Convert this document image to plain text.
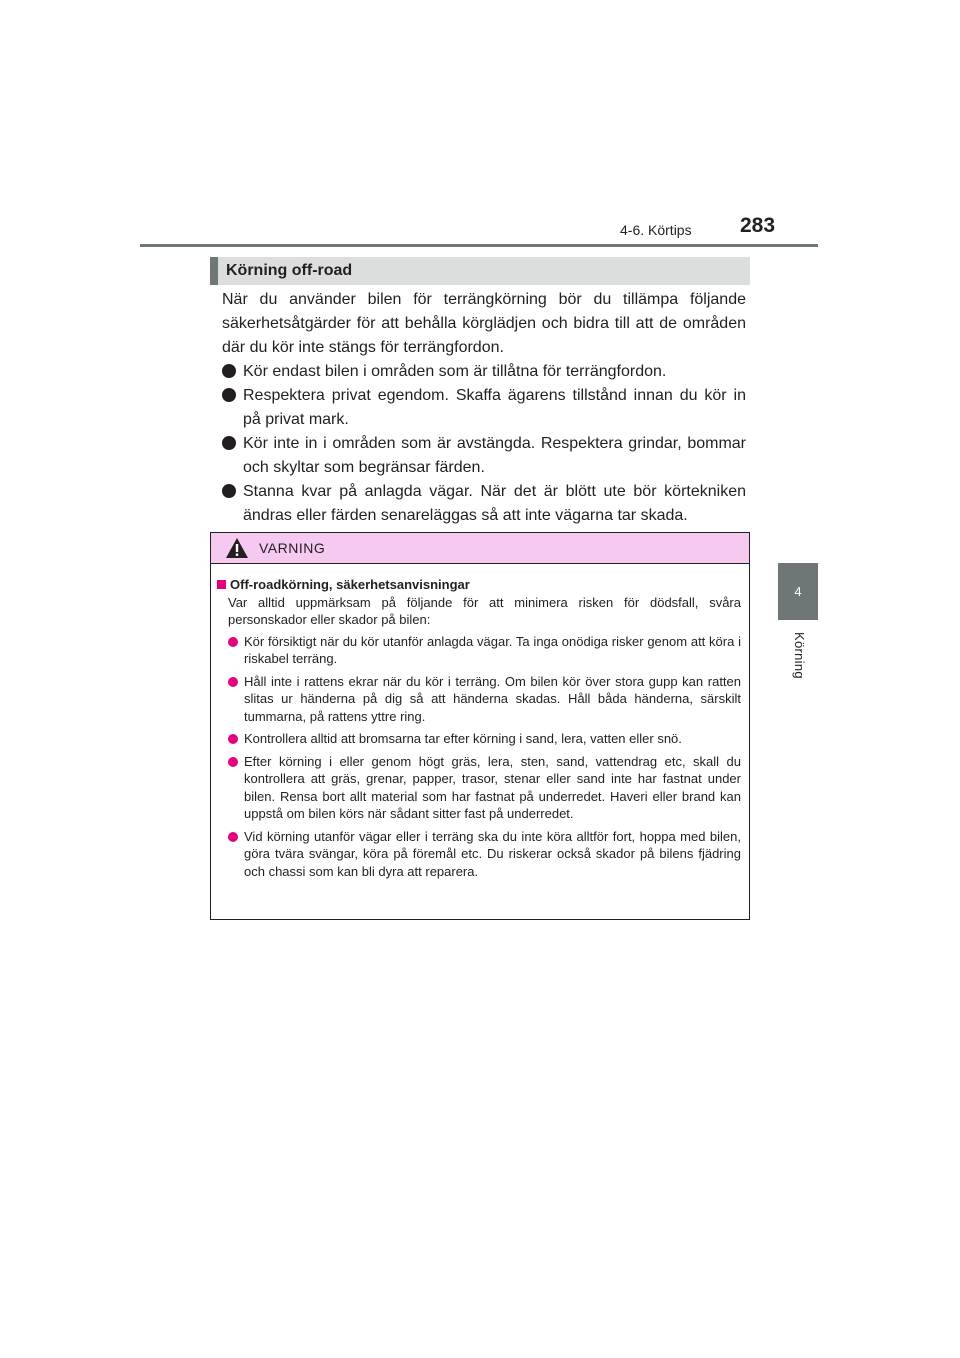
4-6. Körtips 283
4
Körning
Körning off-road

När du använder bilen för terrängkörning bör du tillämpa följande säkerhetsåtgärder för att behålla körglädjen och bidra till att de områden där du kör inte stängs för terrängfordon.

Kör endast bilen i områden som är tillåtna för terrängfordon.
Respektera privat egendom. Skaffa ägarens tillstånd innan du kör in på privat mark.
Kör inte in i områden som är avstängda. Respektera grindar, bommar och skyltar som begränsar färden.
Stanna kvar på anlagda vägar. När det är blött ute bör körtekniken ändras eller färden senareläggas så att inte vägarna tar skada.
VARNING
Off-roadkörning, säkerhetsanvisningar

Var alltid uppmärksam på följande för att minimera risken för dödsfall, svåra personskador eller skador på bilen:

Kör försiktigt när du kör utanför anlagda vägar. Ta inga onödiga risker genom att köra i riskabel terräng.
Håll inte i rattens ekrar när du kör i terräng. Om bilen kör över stora gupp kan ratten slitas ur händerna på dig så att händerna skadas. Håll båda händerna, särskilt tummarna, på rattens yttre ring.
Kontrollera alltid att bromsarna tar efter körning i sand, lera, vatten eller snö.
Efter körning i eller genom högt gräs, lera, sten, sand, vattendrag etc, skall du kontrollera att gräs, grenar, papper, trasor, stenar eller sand inte har fastnat under bilen. Rensa bort allt material som har fastnat på underredet. Haveri eller brand kan uppstå om bilen körs när sådant sitter fast på underredet.
Vid körning utanför vägar eller i terräng ska du inte köra alltför fort, hoppa med bilen, göra tvära svängar, köra på föremål etc. Du riskerar också skador på bilens fjädring och chassi som kan bli dyra att reparera.
